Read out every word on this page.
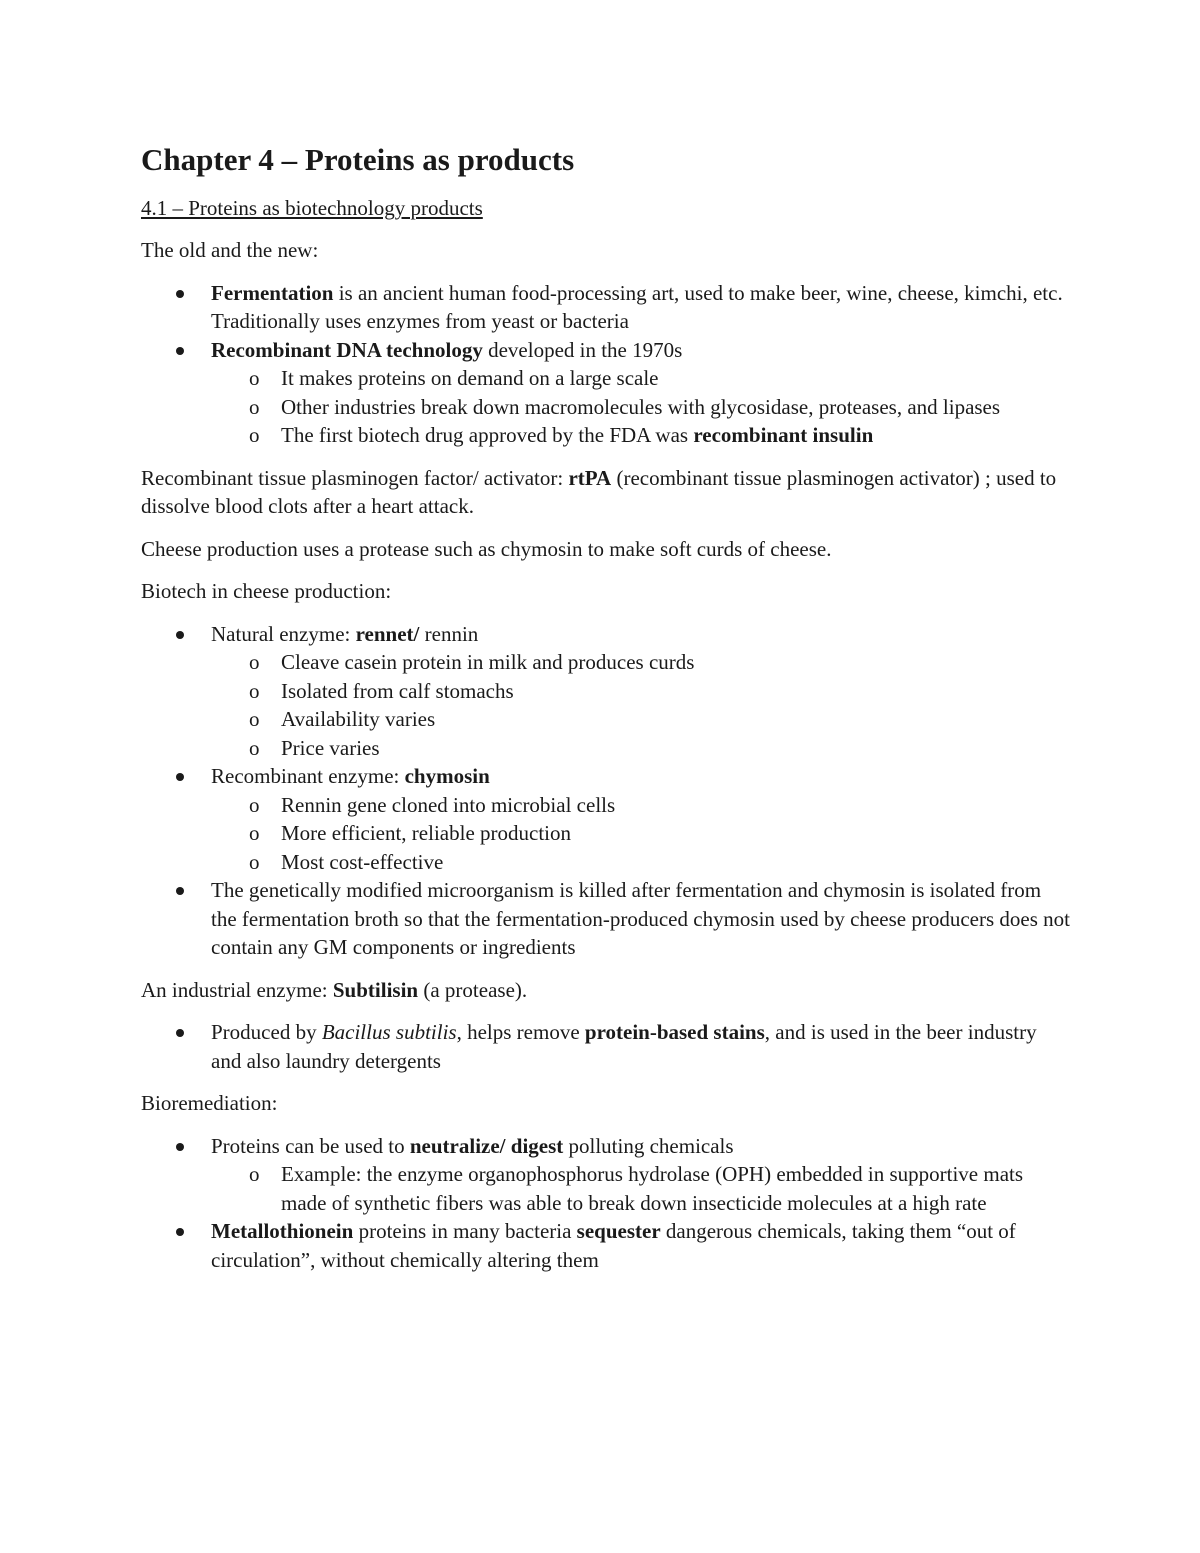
Chapter 4 – Proteins as products
4.1 – Proteins as biotechnology products

The old and the new:

Fermentation is an ancient human food-processing art, used to make beer, wine, cheese, kimchi, etc. Traditionally uses enzymes from yeast or bacteria
Recombinant DNA technology developed in the 1970s
o It makes proteins on demand on a large scale
o Other industries break down macromolecules with glycosidase, proteases, and lipases
o The first biotech drug approved by the FDA was recombinant insulin

Recombinant tissue plasminogen factor/ activator: rtPA (recombinant tissue plasminogen activator) ; used to dissolve blood clots after a heart attack.

Cheese production uses a protease such as chymosin to make soft curds of cheese.

Biotech in cheese production:

Natural enzyme: rennet/ rennin
o Cleave casein protein in milk and produces curds
o Isolated from calf stomachs
o Availability varies
o Price varies
Recombinant enzyme: chymosin
o Rennin gene cloned into microbial cells
o More efficient, reliable production
o Most cost-effective
The genetically modified microorganism is killed after fermentation and chymosin is isolated from the fermentation broth so that the fermentation-produced chymosin used by cheese producers does not contain any GM components or ingredients

An industrial enzyme: Subtilisin (a protease).

Produced by Bacillus subtilis, helps remove protein-based stains, and is used in the beer industry and also laundry detergents

Bioremediation:

Proteins can be used to neutralize/ digest polluting chemicals
o Example: the enzyme organophosphorus hydrolase (OPH) embedded in supportive mats made of synthetic fibers was able to break down insecticide molecules at a high rate
Metallothionein proteins in many bacteria sequester dangerous chemicals, taking them “out of circulation”, without chemically altering them
